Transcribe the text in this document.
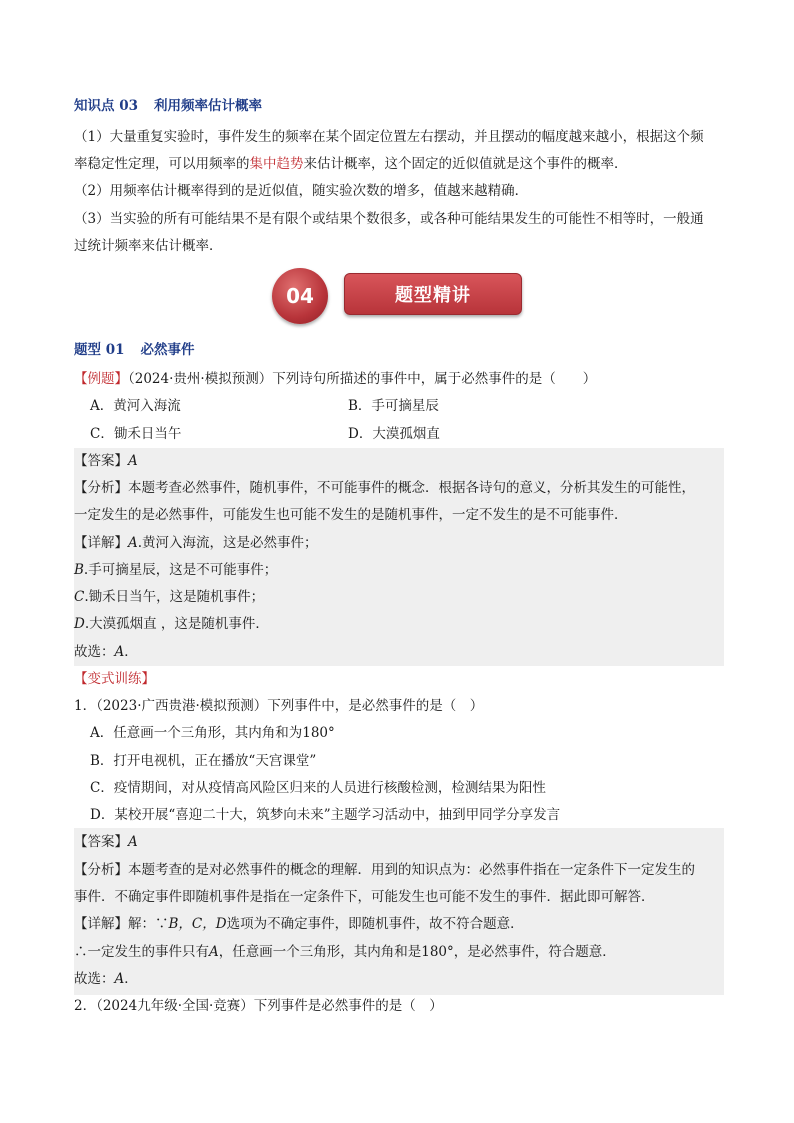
知识点 03 利用频率估计概率
（1）大量重复实验时，事件发生的频率在某个固定位置左右摆动，并且摆动的幅度越来越小，根据这个频
率稳定性定理，可以用频率的集中趋势来估计概率，这个固定的近似值就是这个事件的概率．
（2）用频率估计概率得到的是近似值，随实验次数的增多，值越来越精确．
（3）当实验的所有可能结果不是有限个或结果个数很多，或各种可能结果发生的可能性不相等时，一般通
过统计频率来估计概率．
题型 01 必然事件
【例题】（2024·贵州·模拟预测）下列诗句所描述的事件中，属于必然事件的是（　　）
A．黄河入海流	B．手可摘星辰
C．锄禾日当午	D．大漠孤烟直
【答案】A
【分析】本题考查必然事件，随机事件，不可能事件的概念．根据各诗句的意义，分析其发生的可能性，
一定发生的是必然事件，可能发生也可能不发生的是随机事件，一定不发生的是不可能事件．
【详解】A.黄河入海流，这是必然事件；
B.手可摘星辰，这是不可能事件；
C.锄禾日当午，这是随机事件；
D.大漠孤烟直 ，这是随机事件．
故选：A．
【变式训练】
1．（2023·广西贵港·模拟预测）下列事件中，是必然事件的是（　）
A．任意画一个三角形，其内角和为180°
B．打开电视机，正在播放“天宫课堂”
C．疫情期间，对从疫情高风险区归来的人员进行核酸检测，检测结果为阳性
D．某校开展“喜迎二十大，筑梦向未来”主题学习活动中，抽到甲同学分享发言
【答案】A
【分析】本题考查的是对必然事件的概念的理解．用到的知识点为：必然事件指在一定条件下一定发生的
事件．不确定事件即随机事件是指在一定条件下，可能发生也可能不发生的事件．据此即可解答．
【详解】解：∵B，C，D选项为不确定事件，即随机事件，故不符合题意．
∴一定发生的事件只有A，任意画一个三角形，其内角和是180°，是必然事件，符合题意．
故选：A．
2．（2024九年级·全国·竞赛）下列事件是必然事件的是（　）
04	题型精讲
